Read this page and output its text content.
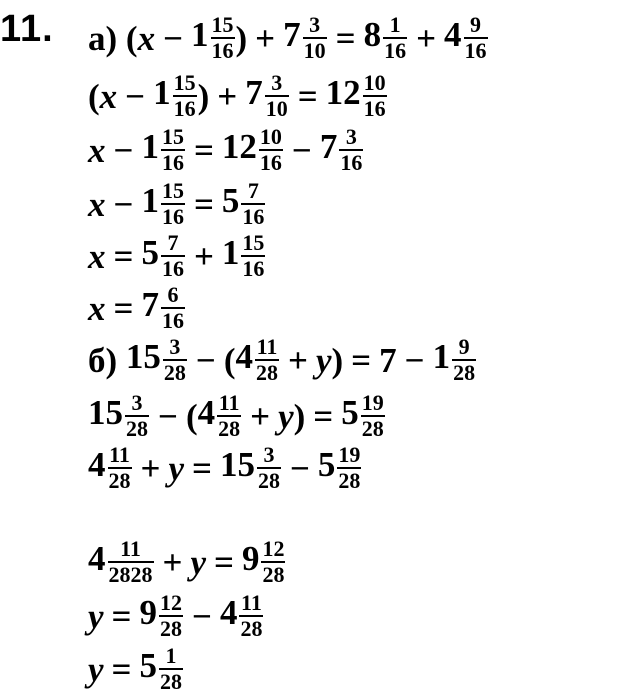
11. а) ( $x - 1 \frac{15}{16}$ ) + $7 \frac{3}{10} = 8 \frac{1}{16} + 4 \frac{9}{16}$
( $x - 1 \frac{15}{16}$ ) + $7 \frac{3}{10} = 12 \frac{10}{16}$
$x - 1 \frac{15}{16} = 12 \frac{10}{16} - 7 \frac{3}{16}$
$x - 1 \frac{15}{16} = 5 \frac{7}{16}$
$x = 5 \frac{7}{16} + 1 \frac{15}{16}$
$x = 7 \frac{6}{16}$
б) $15 \frac{3}{28}$ − ( $4 \frac{11}{28} + y$ ) = $7 - 1 \frac{9}{28}$
$15 \frac{3}{28}$ − ( $4 \frac{11}{28} + y$ ) = $5 \frac{19}{28}$
$4 \frac{11}{28} + y = 15 \frac{3}{28} - 5 \frac{19}{28}$
$4 \frac{11}{2828} + y = 9 \frac{12}{28}$
$y = 9 \frac{12}{28} - 4 \frac{11}{28}$
$y = 5 \frac{1}{28}$
